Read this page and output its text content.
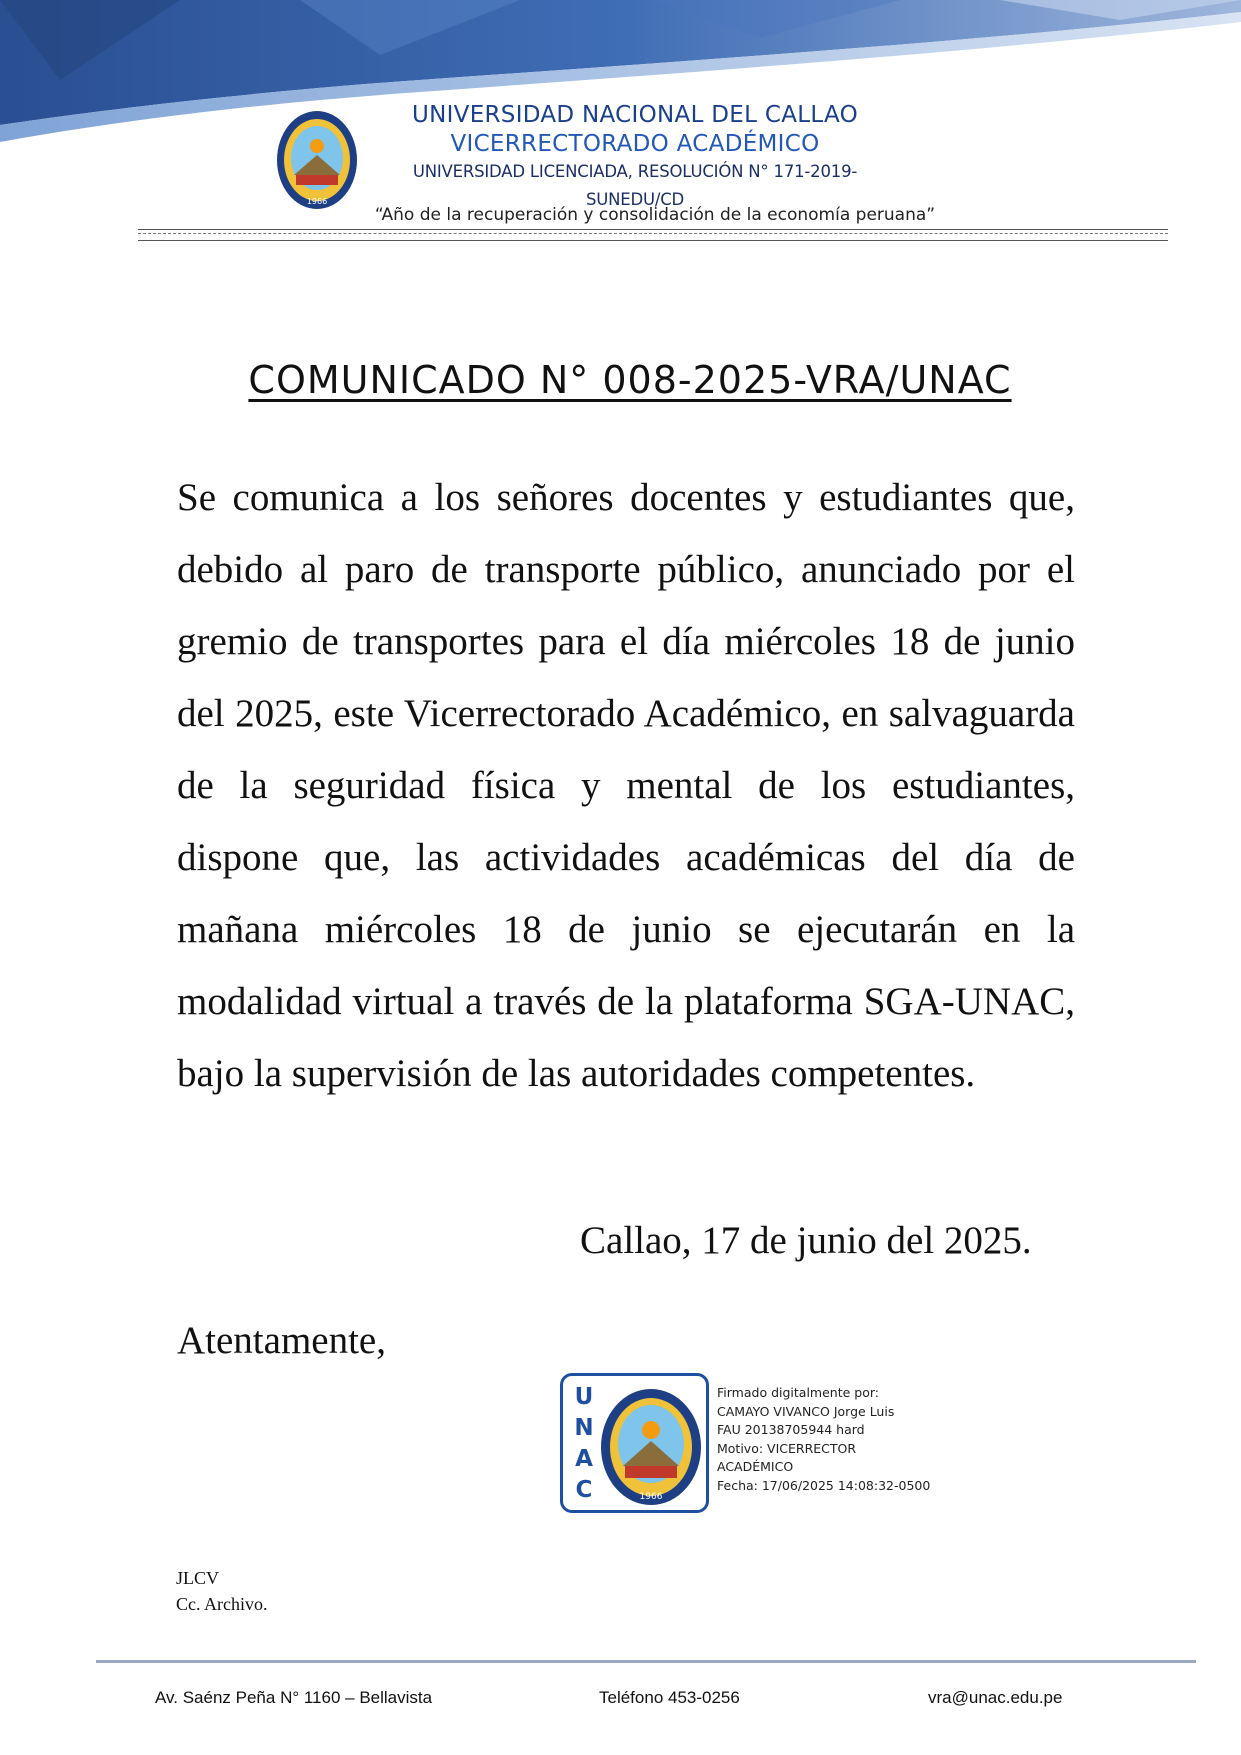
1966
UNIVERSIDAD NACIONAL DEL CALLAO
VICERRECTORADO ACADÉMICO
UNIVERSIDAD LICENCIADA, RESOLUCIÓN N° 171-2019-SUNEDU/CD
“Año de la recuperación y consolidación de la economía peruana”
COMUNICADO N° 008-2025-VRA/UNAC
Se comunica a los señores docentes y estudiantes que, debido al paro de transporte público, anunciado por el gremio de transportes para el día miércoles 18 de junio del 2025, este Vicerrectorado Académico, en salvaguarda de la seguridad física y mental de los estudiantes, dispone que, las actividades académicas del día de mañana miércoles 18 de junio se ejecutarán en la modalidad virtual a través de la plataforma SGA-UNAC, bajo la supervisión de las autoridades competentes.
Callao, 17 de junio del 2025.
Atentamente,
U
N
A
C	1966
Firmado digitalmente por:
CAMAYO VIVANCO Jorge Luis
FAU 20138705944 hard
Motivo: VICERRECTOR
ACADÉMICO
Fecha: 17/06/2025 14:08:32-0500
JLCV
Cc. Archivo.
Av. Saénz Peña N° 1160 – Bellavista	Teléfono 453-0256	vra@unac.edu.pe
